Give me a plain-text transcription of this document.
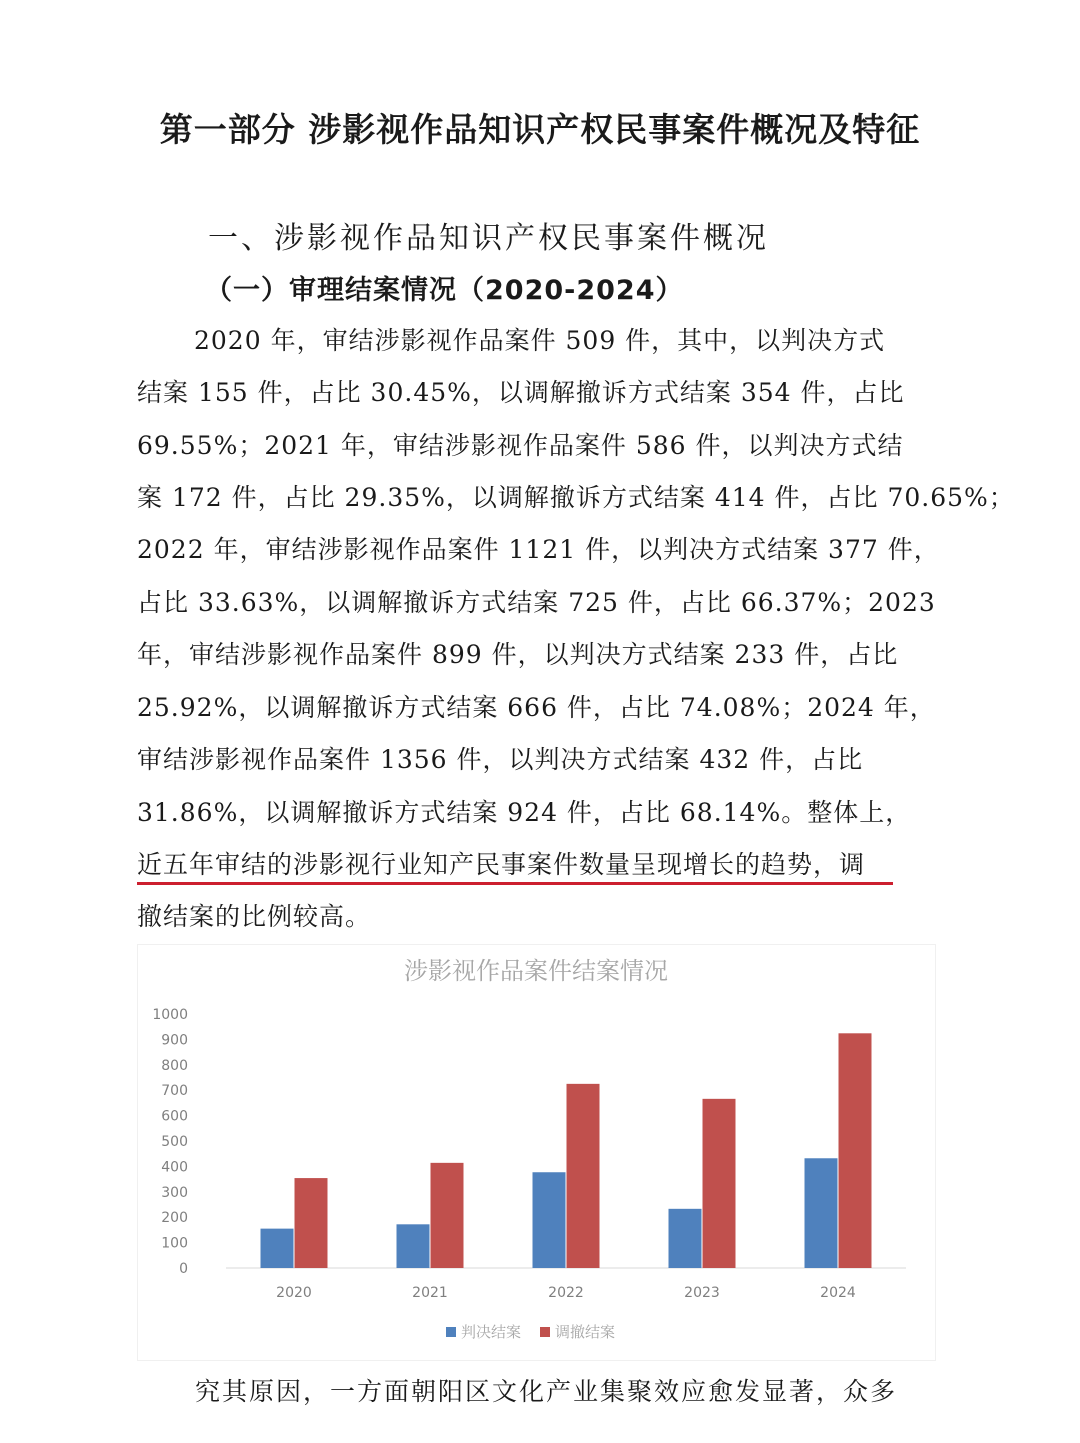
第一部分 涉影视作品知识产权民事案件概况及特征
一、涉影视作品知识产权民事案件概况
（一）审理结案情况（2020-2024）
2020 年，审结涉影视作品案件 509 件，其中，以判决方式
结案 155 件，占比 30.45%，以调解撤诉方式结案 354 件，占比
69.55%；2021 年，审结涉影视作品案件 586 件，以判决方式结
案 172 件，占比 29.35%，以调解撤诉方式结案 414 件，占比 70.65%；
2022 年，审结涉影视作品案件 1121 件，以判决方式结案 377 件，
占比 33.63%，以调解撤诉方式结案 725 件，占比 66.37%；2023
年，审结涉影视作品案件 899 件，以判决方式结案 233 件，占比
25.92%，以调解撤诉方式结案 666 件，占比 74.08%；2024 年，
审结涉影视作品案件 1356 件，以判决方式结案 432 件，占比
31.86%，以调解撤诉方式结案 924 件，占比 68.14%。整体上，
近五年审结的涉影视行业知产民事案件数量呈现增长的趋势，调
撤结案的比例较高。
涉影视作品案件结案情况
0
100
200
300
400
500
600
700
800
900
1000
2020	2021	2022	2023	2024
判决结案 调撤结案
究其原因，一方面朝阳区文化产业集聚效应愈发显著，众多
